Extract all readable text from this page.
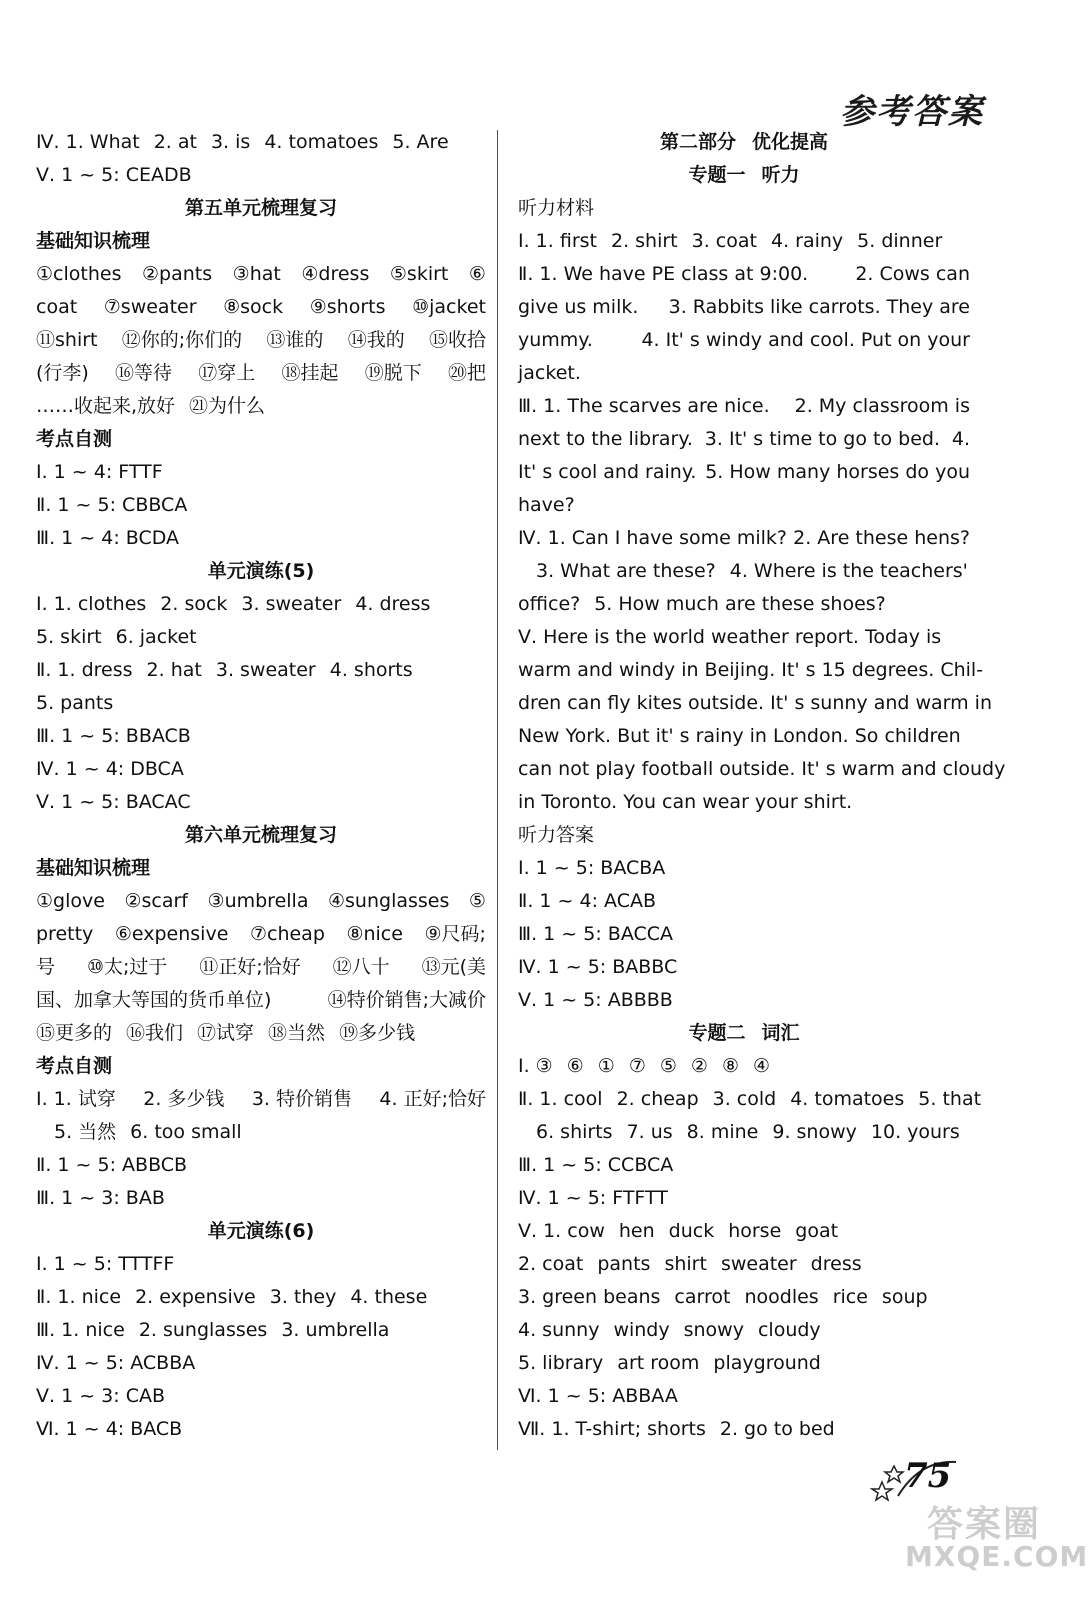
参考答案
Ⅳ. 1. What 2. at 3. is 4. tomatoes 5. Are
Ⅴ. 1 ~ 5: CEADB
第五单元梳理复习
基础知识梳理
①clothes ②pants ③hat ④dress ⑤skirt ⑥
coat ⑦sweater ⑧sock ⑨shorts ⑩jacket
⑪shirt ⑫你的;你们的 ⑬谁的 ⑭我的 ⑮收拾
(行李) ⑯等待 ⑰穿上 ⑱挂起 ⑲脱下 ⑳把
……收起来,放好 ㉑为什么
考点自测
Ⅰ. 1 ~ 4: FTTF
Ⅱ. 1 ~ 5: CBBCA
Ⅲ. 1 ~ 4: BCDA
单元演练(5)
Ⅰ. 1. clothes 2. sock 3. sweater 4. dress
5. skirt 6. jacket
Ⅱ. 1. dress 2. hat 3. sweater 4. shorts
5. pants
Ⅲ. 1 ~ 5: BBACB
Ⅳ. 1 ~ 4: DBCA
Ⅴ. 1 ~ 5: BACAC
第六单元梳理复习
基础知识梳理
①glove ②scarf ③umbrella ④sunglasses ⑤
pretty ⑥expensive ⑦cheap ⑧nice ⑨尺码;
号 ⑩太;过于 ⑪正好;恰好 ⑫八十 ⑬元(美
国、加拿大等国的货币单位)	⑭特价销售;大减价
⑮更多的 ⑯我们 ⑰试穿 ⑱当然 ⑲多少钱
考点自测
Ⅰ. 1. 试穿 2. 多少钱 3. 特价销售 4. 正好;恰好
5. 当然 6. too small
Ⅱ. 1 ~ 5: ABBCB
Ⅲ. 1 ~ 3: BAB
单元演练(6)
Ⅰ. 1 ~ 5: TTTFF
Ⅱ. 1. nice 2. expensive 3. they 4. these
Ⅲ. 1. nice 2. sunglasses 3. umbrella
Ⅳ. 1 ~ 5: ACBBA
Ⅴ. 1 ~ 3: CAB
Ⅵ. 1 ~ 4: BACB
第二部分 优化提高
专题一 听力
听力材料
Ⅰ. 1. first 2. shirt 3. coat 4. rainy 5. dinner
Ⅱ. 1. We have PE class at 9:00. 2. Cows can
give us milk. 3. Rabbits like carrots. They are
yummy.	4. It' s windy and cool. Put on your
jacket.
Ⅲ. 1. The scarves are nice. 2. My classroom is
next to the library. 3. It' s time to go to bed. 4.
It' s cool and rainy. 5. How many horses do you
have?
Ⅳ. 1. Can I have some milk? 2. Are these hens?
3. What are these? 4. Where is the teachers'
office? 5. How much are these shoes?
Ⅴ. Here is the world weather report. Today is
warm and windy in Beijing. It' s 15 degrees. Chil-
dren can fly kites outside. It' s sunny and warm in
New York. But it' s rainy in London. So children
can not play football outside. It' s warm and cloudy
in Toronto. You can wear your shirt.
听力答案
Ⅰ. 1 ~ 5: BACBA
Ⅱ. 1 ~ 4: ACAB
Ⅲ. 1 ~ 5: BACCA
Ⅳ. 1 ~ 5: BABBC
Ⅴ. 1 ~ 5: ABBBB
专题二 词汇
Ⅰ. ③ ⑥ ① ⑦ ⑤ ② ⑧ ④
Ⅱ. 1. cool 2. cheap 3. cold 4. tomatoes 5. that
6. shirts 7. us 8. mine 9. snowy 10. yours
Ⅲ. 1 ~ 5: CCBCA
Ⅳ. 1 ~ 5: FTFTT
Ⅴ. 1. cow hen duck horse goat
2. coat pants shirt sweater dress
3. green beans carrot noodles rice soup
4. sunny windy snowy cloudy
5. library art room playground
Ⅵ. 1 ~ 5: ABBAA
Ⅶ. 1. T-shirt; shorts 2. go to bed
75
答案圈
MXQE.COM
